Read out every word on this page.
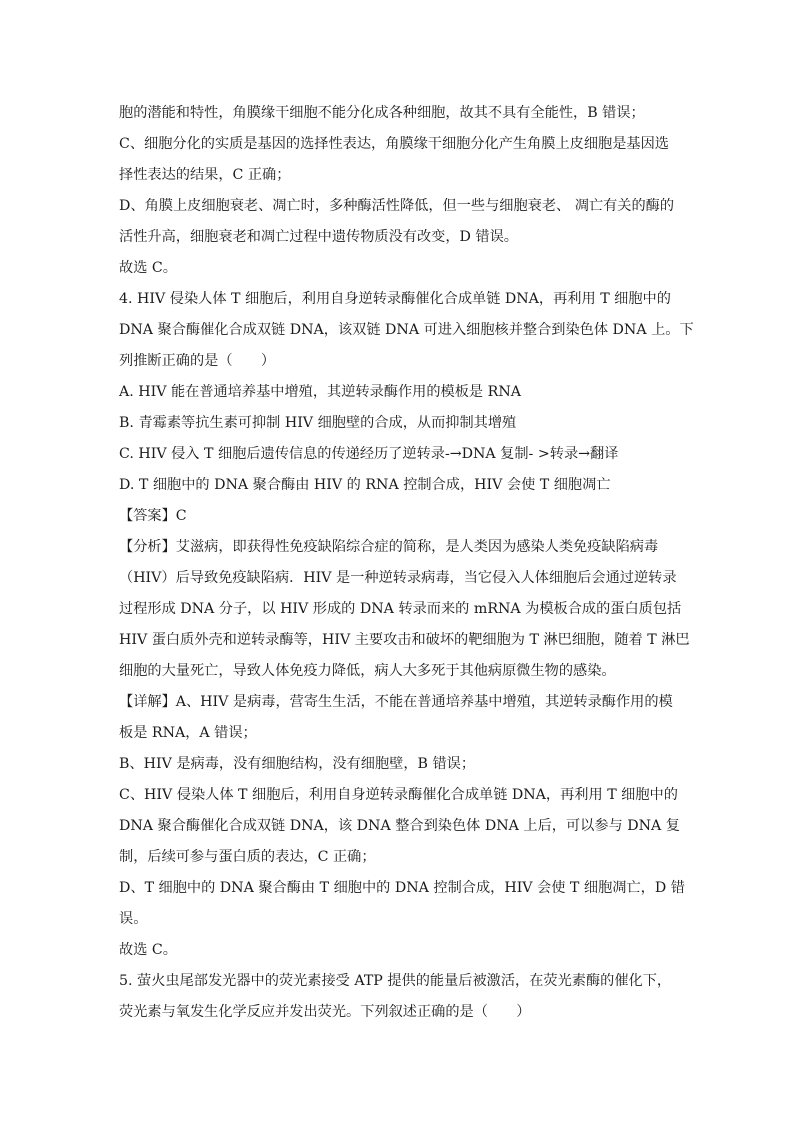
胞的潜能和特性，角膜缘干细胞不能分化成各种细胞，故其不具有全能性，B 错误；
C、细胞分化的实质是基因的选择性表达，角膜缘干细胞分化产生角膜上皮细胞是基因选
择性表达的结果，C 正确；
D、角膜上皮细胞衰老、凋亡时，多种酶活性降低，但一些与细胞衰老、 凋亡有关的酶的
活性升高，细胞衰老和凋亡过程中遗传物质没有改变，D 错误。
故选 C。
4. HIV 侵染人体 T 细胞后，利用自身逆转录酶催化合成单链 DNA，再利用 T 细胞中的
DNA 聚合酶催化合成双链 DNA，该双链 DNA 可进入细胞核并整合到染色体 DNA 上。下
列推断正确的是（　　）
A. HIV 能在普通培养基中增殖，其逆转录酶作用的模板是 RNA
B. 青霉素等抗生素可抑制 HIV 细胞壁的合成，从而抑制其增殖
C. HIV 侵入 T 细胞后遗传信息的传递经历了逆转录-→DNA 复制- >转录→翻译
D. T 细胞中的 DNA 聚合酶由 HIV 的 RNA 控制合成，HIV 会使 T 细胞凋亡
【答案】C
【分析】艾滋病，即获得性免疫缺陷综合症的简称，是人类因为感染人类免疫缺陷病毒
（HIV）后导致免疫缺陷病．HIV 是一种逆转录病毒，当它侵入人体细胞后会通过逆转录
过程形成 DNA 分子，以 HIV 形成的 DNA 转录而来的 mRNA 为模板合成的蛋白质包括
HIV 蛋白质外壳和逆转录酶等，HIV 主要攻击和破坏的靶细胞为 T 淋巴细胞，随着 T 淋巴
细胞的大量死亡，导致人体免疫力降低，病人大多死于其他病原微生物的感染。
【详解】A、HIV 是病毒，营寄生生活，不能在普通培养基中增殖，其逆转录酶作用的模
板是 RNA，A 错误；
B、HIV 是病毒，没有细胞结构，没有细胞壁，B 错误；
C、HIV 侵染人体 T 细胞后，利用自身逆转录酶催化合成单链 DNA，再利用 T 细胞中的
DNA 聚合酶催化合成双链 DNA，该 DNA 整合到染色体 DNA 上后，可以参与 DNA 复
制，后续可参与蛋白质的表达，C 正确；
D、T 细胞中的 DNA 聚合酶由 T 细胞中的 DNA 控制合成，HIV 会使 T 细胞凋亡，D 错
误。
故选 C。
5. 萤火虫尾部发光器中的荧光素接受 ATP 提供的能量后被激活，在荧光素酶的催化下，
荧光素与氧发生化学反应并发出荧光。下列叙述正确的是（　　）
